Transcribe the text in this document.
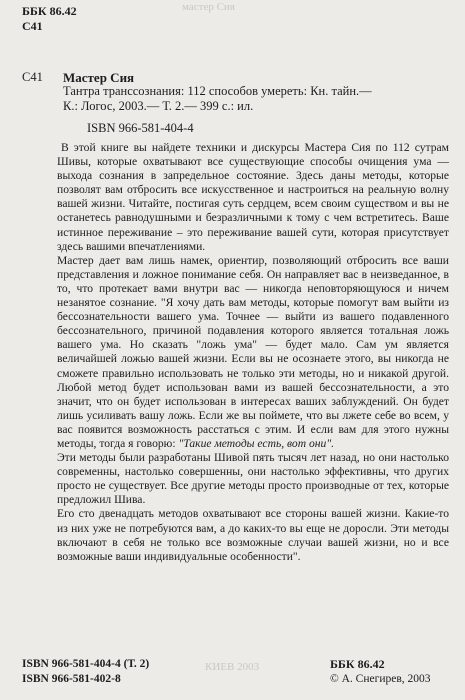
мастер Сия
КИЕВ 2003
ББК 86.42
С41
С41 Мастер Сия
Тантра трансcознания: 112 способов умереть: Кн. тайн.—
К.: Логос, 2003.— Т. 2.— 399 с.: ил.
ISBN 966-581-404-4

В этой книге вы найдете техники и дискурсы Мастера Сия по 112 сутрам Шивы, которые охватывают все существующие способы очищения ума — выхода сознания в запредельное состояние. Здесь даны методы, которые позволят вам отбросить все искусственное и настроиться на реальную волну вашей жизни. Читайте, постигая суть сердцем, всем своим существом и вы не останетесь равнодушными и безразличными к тому с чем встретитесь. Ваше истинное переживание – это переживание вашей сути, которая присутствует здесь вашими впечатлениями.

Мастер дает вам лишь намек, ориентир, позволяющий отбросить все ваши представления и ложное понимание себя. Он направляет вас в неизведанное, в то, что протекает вами внутри вас — никогда неповторяющуюся и ничем незанятое сознание. "Я хочу дать вам методы, которые помогут вам выйти из бессознательности вашего ума. Точнее — выйти из вашего подавленного бессознательного, причиной подавления которого является тотальная ложь вашего ума. Но сказать "ложь ума" — будет мало. Сам ум является величайшей ложью вашей жизни. Если вы не осознаете этого, вы никогда не сможете правильно использовать не только эти методы, но и никакой другой. Любой метод будет использован вами из вашей бессознательности, а это значит, что он будет использован в интересах ваших заблуждений. Он будет лишь усиливать вашу ложь. Если же вы поймете, что вы лжете себе во всем, у вас появится возможность расстаться с этим. И если вам для этого нужны методы, тогда я говорю: "Такие методы есть, вот они".

Эти методы были разработаны Шивой пять тысяч лет назад, но они настолько современны, настолько совершенны, они настолько эффективны, что других просто не существует. Все другие методы просто производные от тех, которые предложил Шива.

Его сто двенадцать методов охватывают все стороны вашей жизни. Какие-то из них уже не потребуются вам, а до каких-то вы еще не доросли. Эти методы включают в себя не только все возможные случаи вашей жизни, но и все возможные ваши индивидуальные особенности".

ISBN 966-581-404-4 (Т. 2)
ISBN 966-581-402-8
ББК 86.42
© А. Снегирев, 2003
